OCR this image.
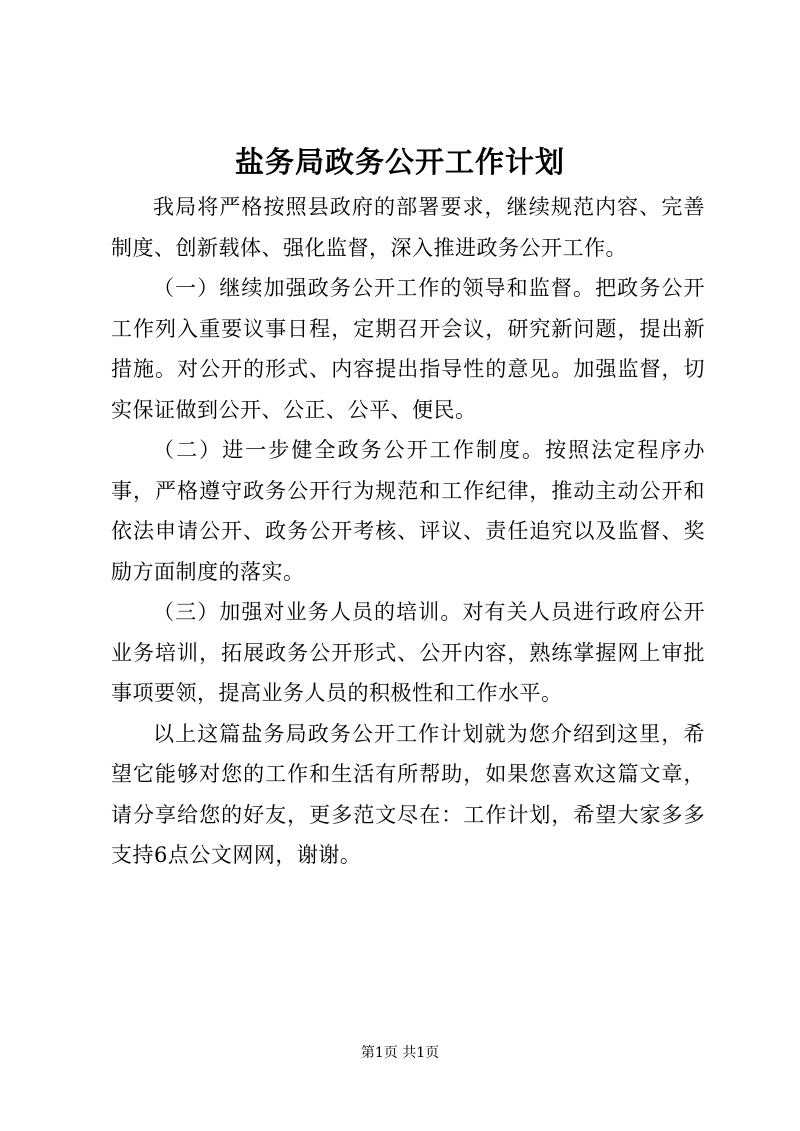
盐务局政务公开工作计划

我局将严格按照县政府的部署要求，继续规范内容、完善制度、创新载体、强化监督，深入推进政务公开工作。

（一）继续加强政务公开工作的领导和监督。把政务公开工作列入重要议事日程，定期召开会议，研究新问题，提出新措施。对公开的形式、内容提出指导性的意见。加强监督，切实保证做到公开、公正、公平、便民。

（二）进一步健全政务公开工作制度。按照法定程序办事，严格遵守政务公开行为规范和工作纪律，推动主动公开和依法申请公开、政务公开考核、评议、责任追究以及监督、奖励方面制度的落实。

（三）加强对业务人员的培训。对有关人员进行政府公开业务培训，拓展政务公开形式、公开内容，熟练掌握网上审批事项要领，提高业务人员的积极性和工作水平。

以上这篇盐务局政务公开工作计划就为您介绍到这里，希望它能够对您的工作和生活有所帮助，如果您喜欢这篇文章，请分享给您的好友，更多范文尽在：工作计划，希望大家多多支持6点公文网网，谢谢。

第1页 共1页
